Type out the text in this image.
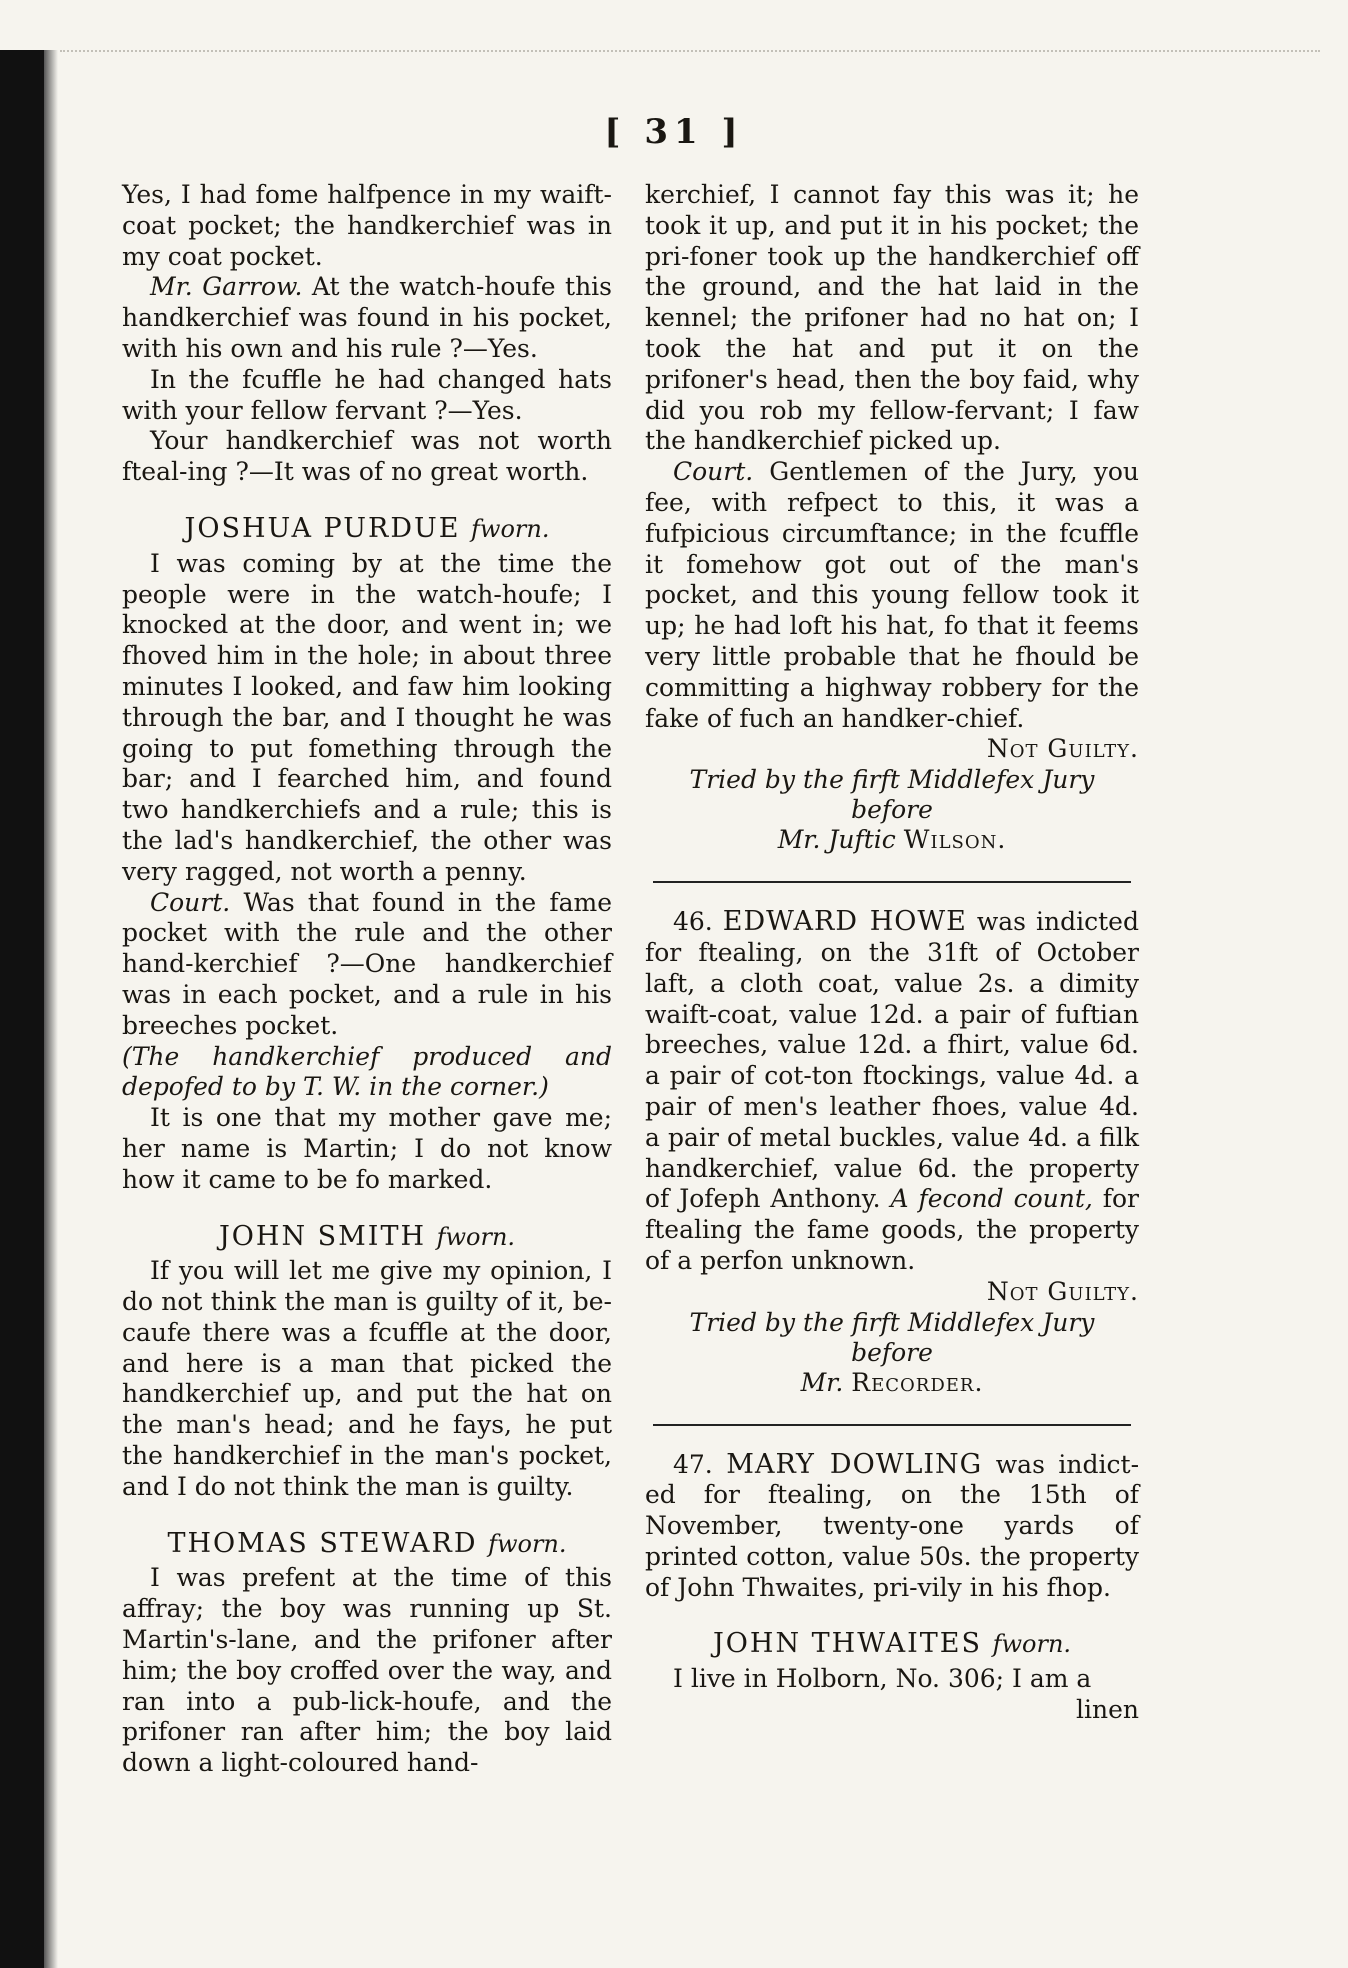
[ 31 ]

Yes, I had fome halfpence in my waift-coat pocket; the handkerchief was in my coat pocket.

Mr. Garrow. At the watch-houfe this handkerchief was found in his pocket, with his own and his rule ?—Yes.

In the fcuffle he had changed hats with your fellow fervant ?—Yes.

Your handkerchief was not worth fteal-ing ?—It was of no great worth.

JOSHUA PURDUE fworn.

I was coming by at the time the people were in the watch-houfe; I knocked at the door, and went in; we fhoved him in the hole; in about three minutes I looked, and faw him looking through the bar, and I thought he was going to put fomething through the bar; and I fearched him, and found two handkerchiefs and a rule; this is the lad's handkerchief, the other was very ragged, not worth a penny.

Court. Was that found in the fame pocket with the rule and the other hand-kerchief ?—One handkerchief was in each pocket, and a rule in his breeches pocket.

(The handkerchief produced and depofed to by T. W. in the corner.)

It is one that my mother gave me; her name is Martin; I do not know how it came to be fo marked.

JOHN SMITH fworn.

If you will let me give my opinion, I do not think the man is guilty of it, be-caufe there was a fcuffle at the door, and here is a man that picked the handkerchief up, and put the hat on the man's head; and he fays, he put the handkerchief in the man's pocket, and I do not think the man is guilty.

THOMAS STEWARD fworn.

I was prefent at the time of this affray; the boy was running up St. Martin's-lane, and the prifoner after him; the boy croffed over the way, and ran into a pub-lick-houfe, and the prifoner ran after him; the boy laid down a light-coloured hand-

kerchief, I cannot fay this was it; he took it up, and put it in his pocket; the pri-foner took up the handkerchief off the ground, and the hat laid in the kennel; the prifoner had no hat on; I took the hat and put it on the prifoner's head, then the boy faid, why did you rob my fellow-fervant; I faw the handkerchief picked up.

Court. Gentlemen of the Jury, you fee, with refpect to this, it was a fufpicious circumftance; in the fcuffle it fomehow got out of the man's pocket, and this young fellow took it up; he had loft his hat, fo that it feems very little probable that he fhould be committing a highway robbery for the fake of fuch an handker-chief.

Not Guilty.

Tried by the firft Middlefex Jury before
Mr. Juftic Wilson.

46. EDWARD HOWE was indicted for ftealing, on the 31ft of October laft, a cloth coat, value 2s. a dimity waift-coat, value 12d. a pair of fuftian breeches, value 12d. a fhirt, value 6d. a pair of cot-ton ftockings, value 4d. a pair of men's leather fhoes, value 4d. a pair of metal buckles, value 4d. a filk handkerchief, value 6d. the property of Jofeph Anthony. A fecond count, for ftealing the fame goods, the property of a perfon unknown.

Not Guilty.

Tried by the firft Middlefex Jury before
Mr. Recorder.

47. MARY DOWLING was indict-ed for ftealing, on the 15th of November, twenty-one yards of printed cotton, value 50s. the property of John Thwaites, pri-vily in his fhop.

JOHN THWAITES fworn.

I live in Holborn, No. 306; I am a

linen
